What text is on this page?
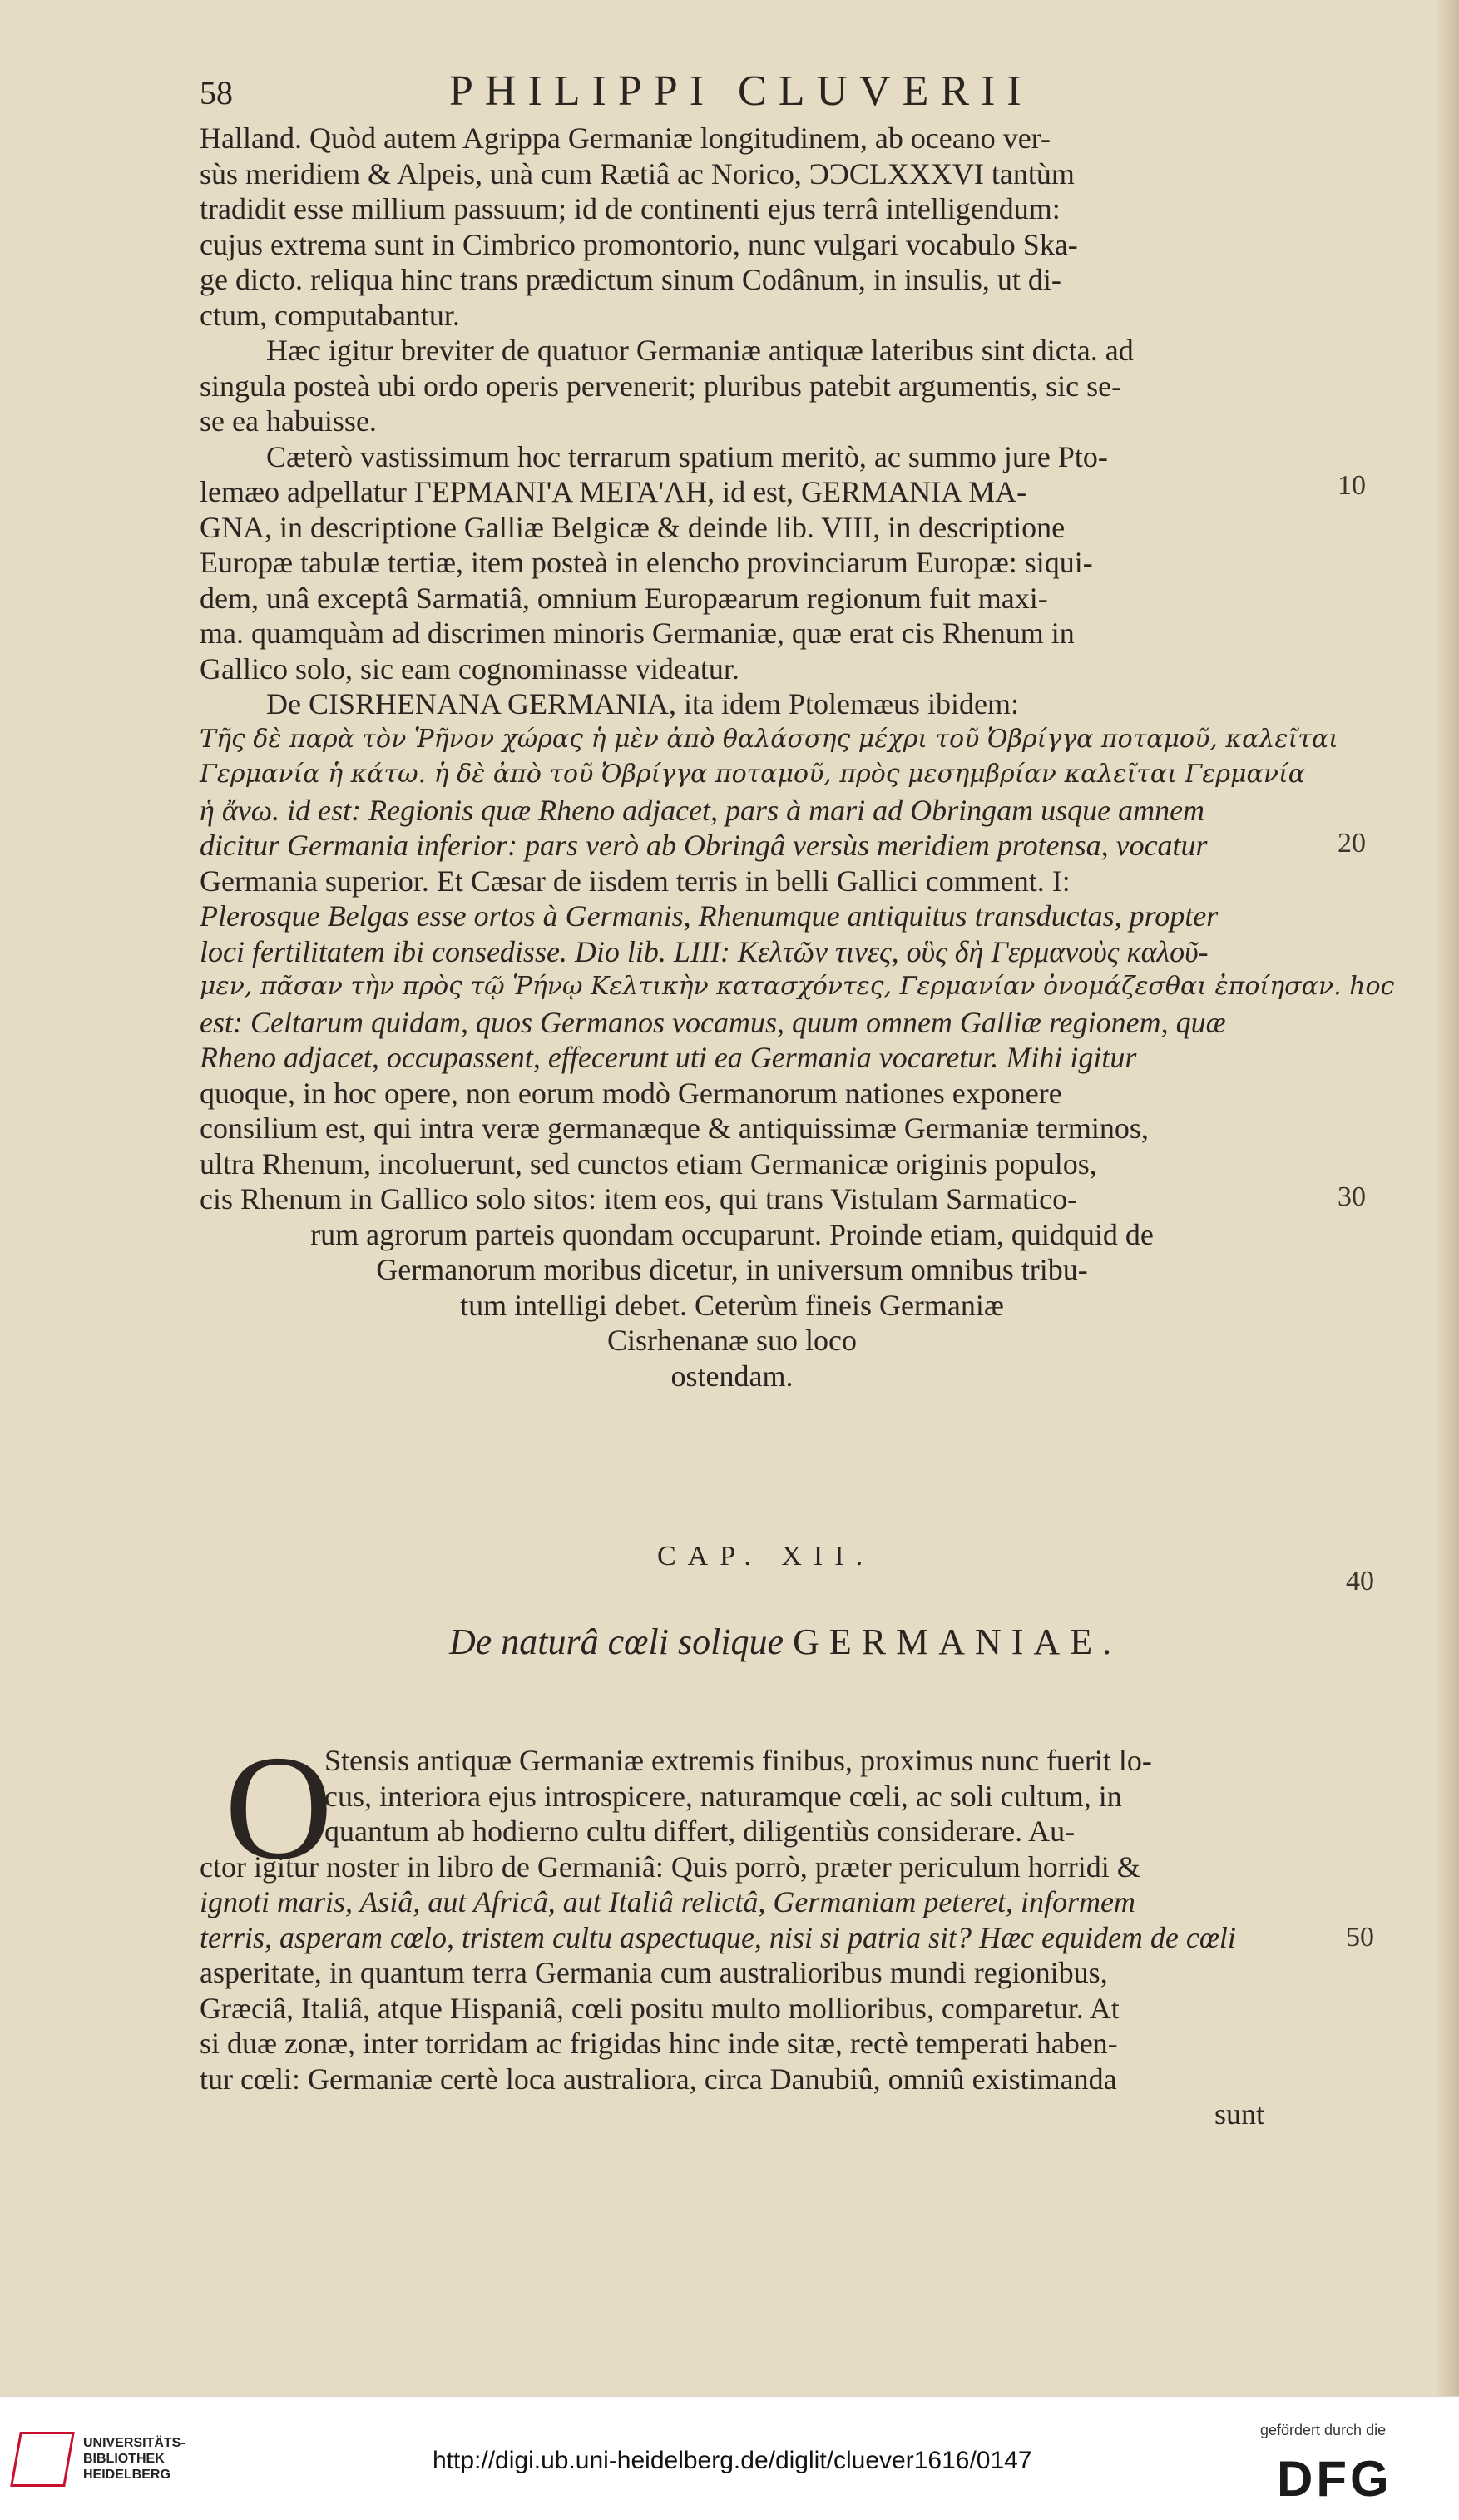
58	PHILIPPI CLUVERII
Halland. Quòd autem Agrippa Germaniæ longitudinem, ab oceano ver-
sùs meridiem & Alpeis, unà cum Rætiâ ac Norico, ƆƆCLXXXVI tantùm
tradidit esse millium passuum; id de continenti ejus terrâ intelligendum:
cujus extrema sunt in Cimbrico promontorio, nunc vulgari vocabulo Ska-
ge dicto. reliqua hinc trans prædictum sinum Codânum, in insulis, ut di-
ctum, computabantur.
Hæc igitur breviter de quatuor Germaniæ antiquæ lateribus sint dicta. ad
singula posteà ubi ordo operis pervenerit; pluribus patebit argumentis, sic se-
se ea habuisse.
Cæterò vastissimum hoc terrarum spatium meritò, ac summo jure Pto-
lemæo adpellatur ΓΕΡΜΑΝΙ'Α ΜΕΓΑ'ΛΗ, id est, GERMANIA MA-
GNA, in descriptione Galliæ Belgicæ & deinde lib. VIII, in descriptione
Europæ tabulæ tertiæ, item posteà in elencho provinciarum Europæ: siqui-
dem, unâ exceptâ Sarmatiâ, omnium Europæarum regionum fuit maxi-
ma. quamquàm ad discrimen minoris Germaniæ, quæ erat cis Rhenum in
Gallico solo, sic eam cognominasse videatur.
De CISRHENANA GERMANIA, ita idem Ptolemæus ibidem:
Τῆς δὲ παρὰ τὸν Ῥῆνον χώρας ἡ μὲν ἀπὸ θαλάσσης μέχρι τοῦ Ὀβρίγγα ποταμοῦ, καλεῖται
Γερμανία ἡ κάτω. ἡ δὲ ἀπὸ τοῦ Ὀβρίγγα ποταμοῦ, πρὸς μεσημβρίαν καλεῖται Γερμανία
ἡ ἄνω. id est: Regionis quæ Rheno adjacet, pars à mari ad Obringam usque amnem
dicitur Germania inferior: pars verò ab Obringâ versùs meridiem protensa, vocatur
Germania superior. Et Cæsar de iisdem terris in belli Gallici comment. I:
Plerosque Belgas esse ortos à Germanis, Rhenumque antiquitus transductas, propter
loci fertilitatem ibi consedisse. Dio lib. LIII: Κελτῶν τινες, οὓς δὴ Γερμανοὺς καλοῦ-
μεν, πᾶσαν τὴν πρὸς τῷ Ῥήνῳ Κελτικὴν κατασχόντες, Γερμανίαν ὀνομάζεσθαι ἐποίησαν. hoc
est: Celtarum quidam, quos Germanos vocamus, quum omnem Galliæ regionem, quæ
Rheno adjacet, occupassent, effecerunt uti ea Germania vocaretur. Mihi igitur
quoque, in hoc opere, non eorum modò Germanorum nationes exponere
consilium est, qui intra veræ germanæque & antiquissimæ Germaniæ terminos,
ultra Rhenum, incoluerunt, sed cunctos etiam Germanicæ originis populos,
cis Rhenum in Gallico solo sitos: item eos, qui trans Vistulam Sarmatico-
rum agrorum parteis quondam occuparunt. Proinde etiam, quidquid de
Germanorum moribus dicetur, in universum omnibus tribu-
tum intelligi debet. Ceterùm fineis Germaniæ
Cisrhenanæ suo loco
ostendam.
10
20
30
40
50
CAP. XII.
De naturâ cœli solique GERMANIAE.
O
Stensis antiquæ Germaniæ extremis finibus, proximus nunc fuerit lo-
cus, interiora ejus introspicere, naturamque cœli, ac soli cultum, in
quantum ab hodierno cultu differt, diligentiùs considerare. Au-
ctor igitur noster in libro de Germaniâ: Quis porrò, præter periculum horridi &
ignoti maris, Asiâ, aut Africâ, aut Italiâ relictâ, Germaniam peteret, informem
terris, asperam cœlo, tristem cultu aspectuque, nisi si patria sit? Hæc equidem de cœli
asperitate, in quantum terra Germania cum australioribus mundi regionibus,
Græciâ, Italiâ, atque Hispaniâ, cœli positu multo mollioribus, comparetur. At
si duæ zonæ, inter torridam ac frigidas hinc inde sitæ, rectè temperati haben-
tur cœli: Germaniæ certè loca australiora, circa Danubiû, omniû existimanda
sunt
UNIVERSITÄTS-
BIBLIOTHEK
HEIDELBERG
http://digi.ub.uni-heidelberg.de/diglit/cluever1616/0147
gefördert durch die
DFG
